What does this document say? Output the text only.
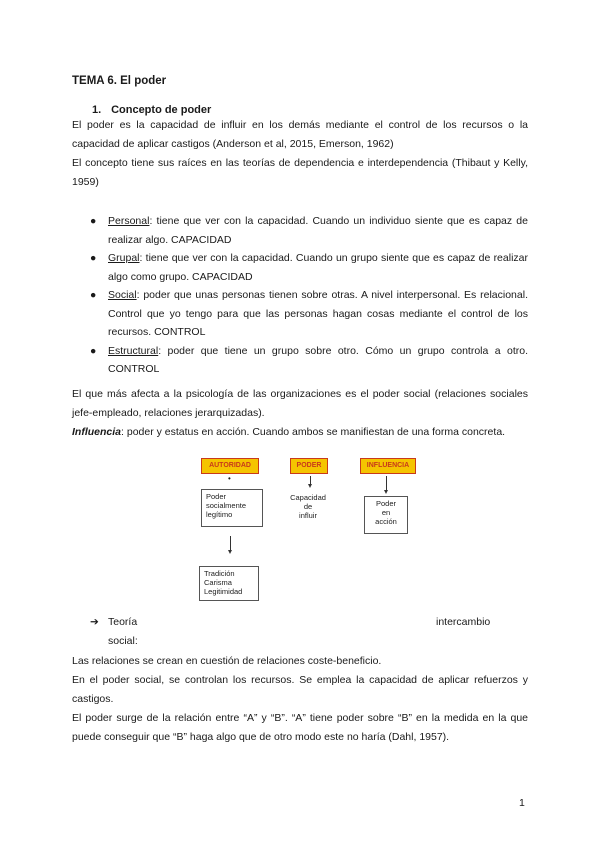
TEMA 6. El poder
1. Concepto de poder

El poder es la capacidad de influir en los demás mediante el control de los recursos o la capacidad de aplicar castigos (Anderson et al, 2015, Emerson, 1962)

El concepto tiene sus raíces en las teorías de dependencia e interdependencia (Thibaut y Kelly, 1959)

● Personal: tiene que ver con la capacidad. Cuando un individuo siente que es capaz de realizar algo. CAPACIDAD
● Grupal: tiene que ver con la capacidad. Cuando un grupo siente que es capaz de realizar algo como grupo. CAPACIDAD
● Social: poder que unas personas tienen sobre otras. A nivel interpersonal. Es relacional. Control que yo tengo para que las personas hagan cosas mediante el control de los recursos. CONTROL
● Estructural: poder que tiene un grupo sobre otro. Cómo un grupo controla a otro. CONTROL

El que más afecta a la psicología de las organizaciones es el poder social (relaciones sociales jefe-empleado, relaciones jerarquizadas).

Influencia: poder y estatus en acción. Cuando ambos se manifiestan de una forma concreta.

AUTORIDAD	PODER	INFLUENCIA
•
Poder
socialmente
legítimo
Capacidad
de
influir
Poder
en
acción
Tradición
Carisma
Legitimidad
➔ Teoría	intercambio
social:

Las relaciones se crean en cuestión de relaciones coste-beneficio.

En el poder social, se controlan los recursos. Se emplea la capacidad de aplicar refuerzos y castigos.

El poder surge de la relación entre “A” y “B”. “A” tiene poder sobre “B” en la medida en la que puede conseguir que “B” haga algo que de otro modo este no haría (Dahl, 1957).

1
